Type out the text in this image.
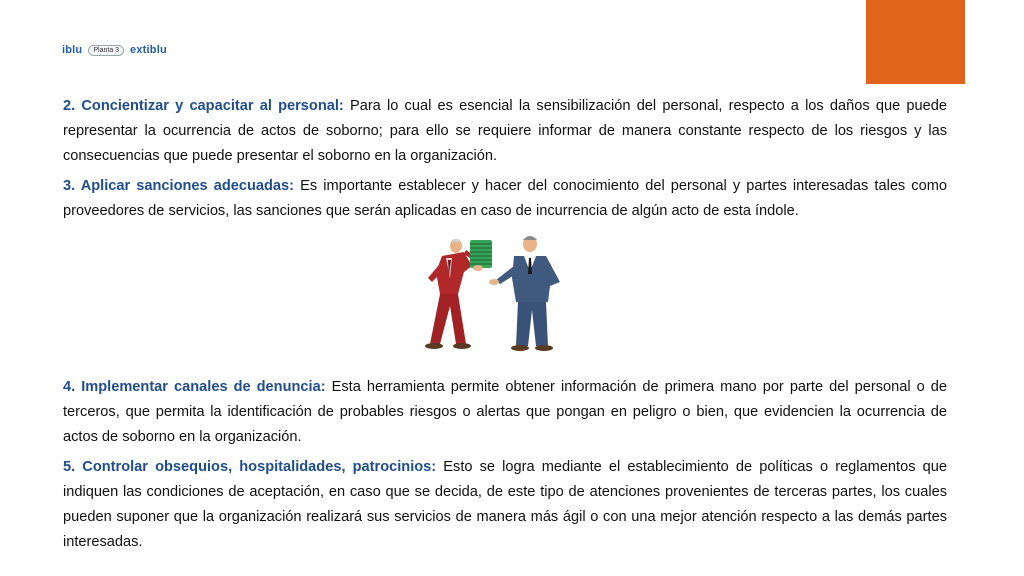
iblu	Planta 3	extiblu

2. Concientizar y capacitar al personal: Para lo cual es esencial la sensibilización del personal, respecto a los daños que puede representar la ocurrencia de actos de soborno; para ello se requiere informar de manera constante respecto de los riesgos y las consecuencias que puede presentar el soborno en la organización.

3. Aplicar sanciones adecuadas: Es importante establecer y hacer del conocimiento del personal y partes interesadas tales como proveedores de servicios, las sanciones que serán aplicadas en caso de incurrencia de algún acto de esta índole.

4. Implementar canales de denuncia: Esta herramienta permite obtener información de primera mano por parte del personal o de terceros, que permita la identificación de probables riesgos o alertas que pongan en peligro o bien, que evidencien la ocurrencia de actos de soborno en la organización.

5. Controlar obsequios, hospitalidades, patrocinios: Esto se logra mediante el establecimiento de políticas o reglamentos que indiquen las condiciones de aceptación, en caso que se decida, de este tipo de atenciones provenientes de terceras partes, los cuales pueden suponer que la organización realizará sus servicios de manera más ágil o con una mejor atención respecto a las demás partes interesadas.
